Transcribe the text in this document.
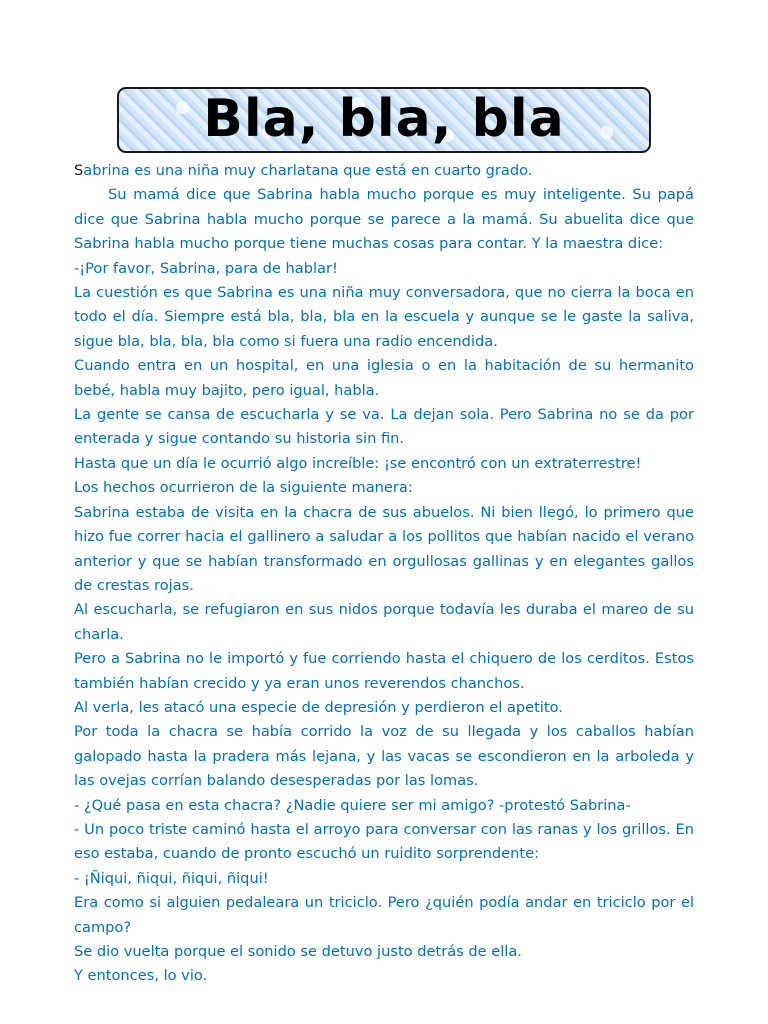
Bla, bla, bla

Sabrina es una niña muy charlatana que está en cuarto grado.

Su mamá dice que Sabrina habla mucho porque es muy inteligente. Su papá dice que Sabrina habla mucho porque se parece a la mamá. Su abuelita dice que Sabrina habla mucho porque tiene muchas cosas para contar. Y la maestra dice:

-¡Por favor, Sabrina, para de hablar!

La cuestión es que Sabrina es una niña muy conversadora, que no cierra la boca en todo el día. Siempre está bla, bla, bla en la escuela y aunque se le gaste la saliva, sigue bla, bla, bla, bla como si fuera una radio encendida.

Cuando entra en un hospital, en una iglesia o en la habitación de su hermanito bebé, habla muy bajito, pero igual, habla.

La gente se cansa de escucharla y se va. La dejan sola. Pero Sabrina no se da por enterada y sigue contando su historia sin fin.

Hasta que un día le ocurrió algo increíble: ¡se encontró con un extraterrestre!

Los hechos ocurrieron de la siguiente manera:

Sabrina estaba de visita en la chacra de sus abuelos. Ni bien llegó, lo primero que hizo fue correr hacia el gallinero a saludar a los pollitos que habían nacido el verano anterior y que se habían transformado en orgullosas gallinas y en elegantes gallos de crestas rojas.

Al escucharla, se refugiaron en sus nidos porque todavía les duraba el mareo de su charla.

Pero a Sabrina no le importó y fue corriendo hasta el chiquero de los cerditos. Estos también habían crecido y ya eran unos reverendos chanchos.

Al verla, les atacó una especie de depresión y perdieron el apetito.

Por toda la chacra se había corrido la voz de su llegada y los caballos habían galopado hasta la pradera más lejana, y las vacas se escondieron en la arboleda y las ovejas corrían balando desesperadas por las lomas.

- ¿Qué pasa en esta chacra? ¿Nadie quiere ser mi amigo? -protestó Sabrina-

- Un poco triste caminó hasta el arroyo para conversar con las ranas y los grillos. En eso estaba, cuando de pronto escuchó un ruidito sorprendente:

- ¡Ñiqui, ñiqui, ñiqui, ñiqui!

Era como si alguien pedaleara un triciclo. Pero ¿quién podía andar en triciclo por el campo?

Se dio vuelta porque el sonido se detuvo justo detrás de ella.

Y entonces, lo vio.
